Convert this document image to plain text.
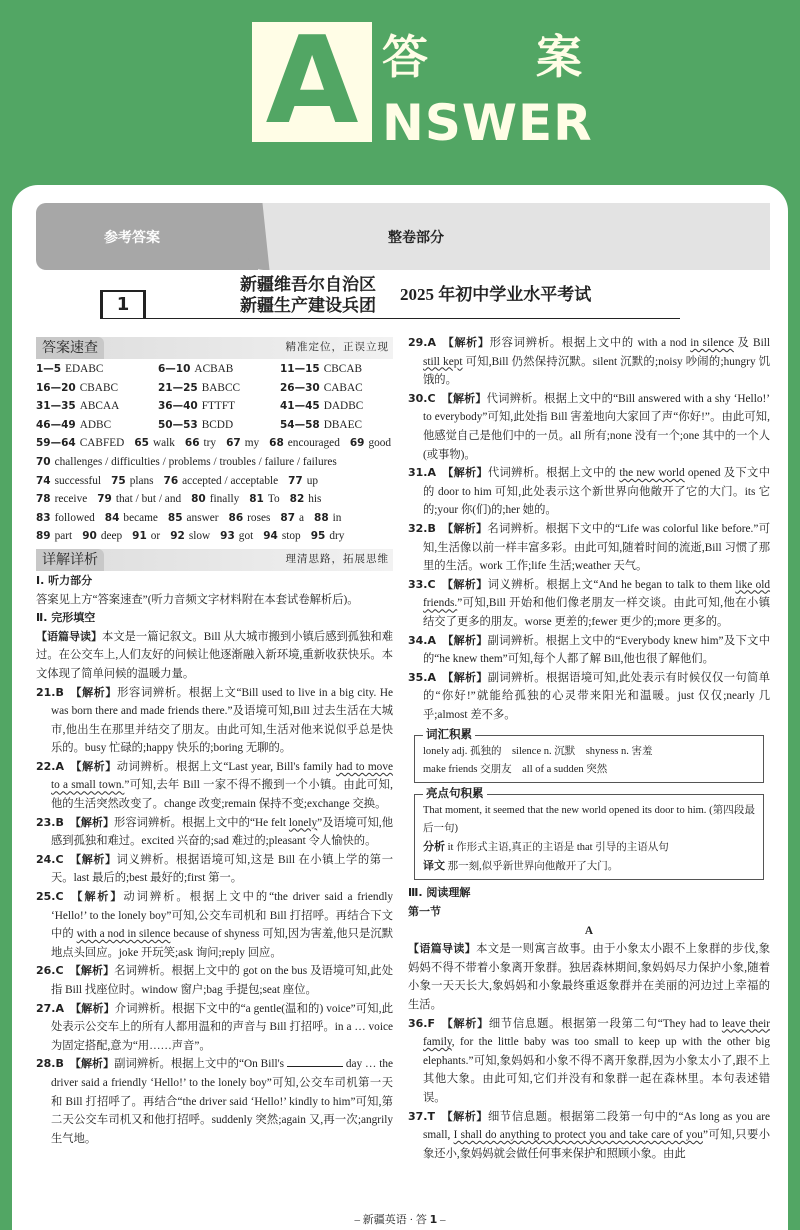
A 答 案
NSWER
参考答案	整卷部分
1
新疆维吾尔自治区
新疆生产建设兵团
2025 年初中学业水平考试
答案速查	精准定位，正误立现
1—5 EDABC	6—10 ACBAB	11—15 CBCAB
16—20 CBABC	21—25 BABCC	26—30 CABAC
31—35 ABCAA	36—40 FTTFT	41—45 DADBC
46—49 ADBC	50—53 BCDD	54—58 DBAEC
59—64 CABFED 65 walk 66 try 67 my 68 encouraged 69 good
70 challenges / difficulties / problems / troubles / failure / failures
74 successful 75 plans 76 accepted / acceptable 77 up
78 receive 79 that / but / and 80 finally 81 To 82 his
83 followed 84 became 85 answer 86 roses 87 a 88 in
89 part 90 deep 91 or 92 slow 93 got 94 stop 95 dry
详解详析	理清思路，拓展思维
Ⅰ. 听力部分
答案见上方“答案速查”(听力音频文字材料附在本套试卷解析后)。
Ⅱ. 完形填空
【语篇导读】本文是一篇记叙文。Bill 从大城市搬到小镇后感到孤独和难过。在公交车上,人们友好的问候让他逐渐融入新环境,重新收获快乐。本文体现了简单问候的温暖力量。
21.B 【解析】形容词辨析。根据上文“Bill used to live in a big city. He was born there and made friends there.”及语境可知,Bill 过去生活在大城市,他出生在那里并结交了朋友。由此可知,生活对他来说似乎总是快乐的。busy 忙碌的;happy 快乐的;boring 无聊的。
22.A 【解析】动词辨析。根据上文“Last year, Bill's family had to move to a small town.”可知,去年 Bill 一家不得不搬到一个小镇。由此可知,他的生活突然改变了。change 改变;remain 保持不变;exchange 交换。
23.B 【解析】形容词辨析。根据上文中的“He felt lonely”及语境可知,他感到孤独和难过。excited 兴奋的;sad 难过的;pleasant 令人愉快的。
24.C 【解析】词义辨析。根据语境可知,这是 Bill 在小镇上学的第一天。last 最后的;best 最好的;first 第一。
25.C 【解析】动词辨析。根据上文中的“the driver said a friendly ‘Hello!’ to the lonely boy”可知,公交车司机和 Bill 打招呼。再结合下文中的 with a nod in silence because of shyness 可知,因为害羞,他只是沉默地点头回应。joke 开玩笑;ask 询问;reply 回应。
26.C 【解析】名词辨析。根据上文中的 got on the bus 及语境可知,此处指 Bill 找座位时。window 窗户;bag 手提包;seat 座位。
27.A 【解析】介词辨析。根据下文中的“a gentle(温和的) voice”可知,此处表示公交车上的所有人都用温和的声音与 Bill 打招呼。in a … voice 为固定搭配,意为“用……声音”。
28.B 【解析】副词辨析。根据上文中的“On Bill's	day … the driver said a friendly ‘Hello!’ to the lonely boy”可知,公交车司机第一天和 Bill 打招呼了。再结合“the driver said ‘Hello!’ kindly to him”可知,第二天公交车司机又和他打招呼。suddenly 突然;again 又,再一次;angrily 生气地。
29.A 【解析】形容词辨析。根据上文中的 with a nod in silence 及 Bill still kept 可知,Bill 仍然保持沉默。silent 沉默的;noisy 吵闹的;hungry 饥饿的。
30.C 【解析】代词辨析。根据上文中的“Bill answered with a shy ‘Hello!’ to everybody”可知,此处指 Bill 害羞地向大家回了声“你好!”。由此可知,他感觉自己是他们中的一员。all 所有;none 没有一个;one 其中的一个人(或事物)。
31.A 【解析】代词辨析。根据上文中的 the new world opened 及下文中的 door to him 可知,此处表示这个新世界向他敞开了它的大门。its 它的;your 你(们)的;her 她的。
32.B 【解析】名词辨析。根据下文中的“Life was colorful like before.”可知,生活像以前一样丰富多彩。由此可知,随着时间的流逝,Bill 习惯了那里的生活。work 工作;life 生活;weather 天气。
33.C 【解析】词义辨析。根据上文“And he began to talk to them like old friends.”可知,Bill 开始和他们像老朋友一样交谈。由此可知,他在小镇结交了更多的朋友。worse 更差的;fewer 更少的;more 更多的。
34.A 【解析】副词辨析。根据上文中的“Everybody knew him”及下文中的“he knew them”可知,每个人都了解 Bill,他也很了解他们。
35.A 【解析】副词辨析。根据语境可知,此处表示有时候仅仅一句简单的“你好!”就能给孤独的心灵带来阳光和温暖。just 仅仅;nearly 几乎;almost 差不多。
词汇积累
lonely adj. 孤独的　silence n. 沉默　shyness n. 害羞
make friends 交朋友　all of a sudden 突然
亮点句积累
That moment, it seemed that the new world opened its door to him. (第四段最后一句)
分析 it 作形式主语,真正的主语是 that 引导的主语从句
译文 那一刻,似乎新世界向他敞开了大门。
Ⅲ. 阅读理解
第一节
A
【语篇导读】本文是一则寓言故事。由于小象太小跟不上象群的步伐,象妈妈不得不带着小象离开象群。独居森林期间,象妈妈尽力保护小象,随着小象一天天长大,象妈妈和小象最终重返象群并在美丽的河边过上幸福的生活。
36.F 【解析】细节信息题。根据第一段第二句“They had to leave their family, for the little baby was too small to keep up with the other big elephants.”可知,象妈妈和小象不得不离开象群,因为小象太小了,跟不上其他大象。由此可知,它们并没有和象群一起在森林里。本句表述错误。
37.T 【解析】细节信息题。根据第二段第一句中的“As long as you are small, I shall do anything to protect you and take care of you”可知,只要小象还小,象妈妈就会做任何事来保护和照顾小象。由此
– 新疆英语 · 答 1 –
